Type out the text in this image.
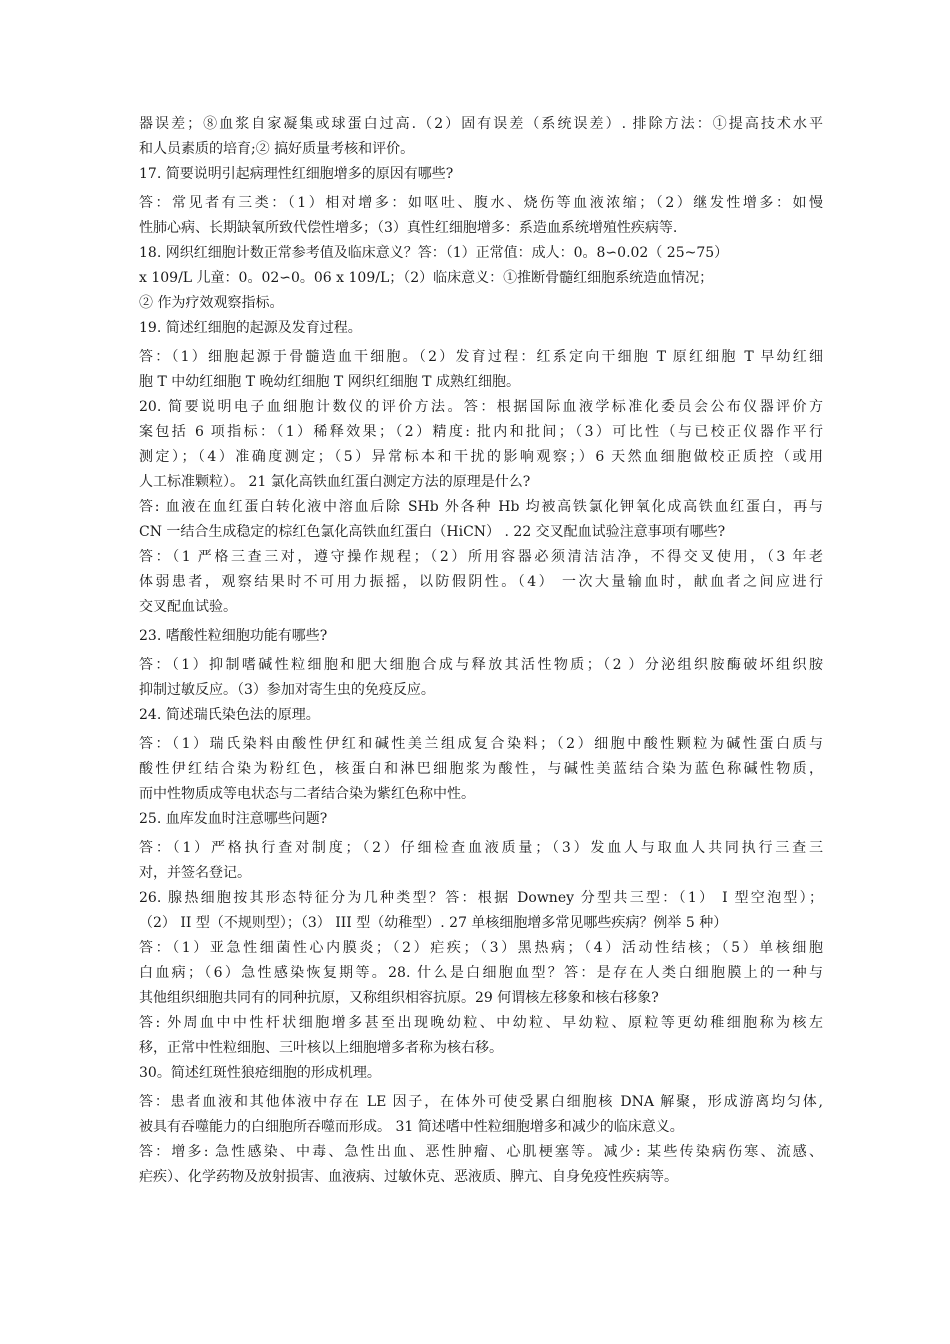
器误差；⑧血浆自家凝集或球蛋白过高.（2）固有误差（系统误差）. 排除方法：①提高技术水平
和人员素质的培育;② 搞好质量考核和评价。
17. 简要说明引起病理性红细胞增多的原因有哪些?
答：常见者有三类：（1）相对增多：如呕吐、腹水、烧伤等血液浓缩；（2）继发性增多：如慢
性肺心病、长期缺氧所致代偿性增多；（3）真性红细胞增多：系造血系统增殖性疾病等.
18. 网织红细胞计数正常参考值及临床意义？答：（1）正常值：成人：0。8∽0.02（ 25~75）
x 109/L 儿童：0。02∽0。06 x 109/L；（2）临床意义：①推断骨髓红细胞系统造血情况；
② 作为疗效观察指标。
19. 简述红细胞的起源及发育过程。
答：（1）细胞起源于骨髓造血干细胞。（2）发育过程：红系定向干细胞 T 原红细胞 T 早幼红细
胞 T 中幼红细胞 T 晚幼红细胞 T 网织红细胞 T 成熟红细胞。
20. 简要说明电子血细胞计数仪的评价方法。答：根据国际血液学标准化委员会公布仪器评价方
案包括 6 项指标：（1）稀释效果；（2）精度: 批内和批间；（3）可比性（与已校正仪器作平行
测定）；（4）准确度测定；（5）异常标本和干扰的影响观察；）6 天然血细胞做校正质控（或用
人工标准颗粒）。 21 氯化高铁血红蛋白测定方法的原理是什么?
答: 血液在血红蛋白转化液中溶血后除 SHb 外各种 Hb 均被高铁氯化钾氧化成高铁血红蛋白，再与
CN 一结合生成稳定的棕红色氯化高铁血红蛋白（HiCN） . 22 交叉配血试验注意事项有哪些?
答：（1 严格三查三对，遵守操作规程；（2）所用容器必须清洁洁净，不得交叉使用，（3 年老
体弱患者，观察结果时不可用力振摇，以防假阴性。（4） 一次大量输血时，献血者之间应进行
交叉配血试验。
23. 嗜酸性粒细胞功能有哪些?
答：（1）抑制嗜碱性粒细胞和肥大细胞合成与释放其活性物质；（2 ）分泌组织胺酶破坏组织胺
抑制过敏反应。（3）参加对寄生虫的免疫反应。
24. 简述瑞氏染色法的原理。
答：（1）瑞氏染料由酸性伊红和碱性美兰组成复合染料；（2）细胞中酸性颗粒为碱性蛋白质与
酸性伊红结合染为粉红色，核蛋白和淋巴细胞浆为酸性，与碱性美蓝结合染为蓝色称碱性物质，
而中性物质成等电状态与二者结合染为紫红色称中性。
25. 血库发血时注意哪些问题?
答：（1）严格执行查对制度；（2）仔细检查血液质量；（3）发血人与取血人共同执行三查三
对，并签名登记。
26. 腺热细胞按其形态特征分为几种类型？答：根据 Downey 分型共三型：（1） I 型空泡型）；
（2） II 型（不规则型）；（3） III 型（幼稚型）. 27 单核细胞增多常见哪些疾病？例举 5 种）
答：（1）亚急性细菌性心内膜炎；（2）疟疾；（3）黑热病；（4）活动性结核；（5）单核细胞
白血病；（6）急性感染恢复期等。28. 什么是白细胞血型？答：是存在人类白细胞膜上的一种与
其他组织细胞共同有的同种抗原，又称组织相容抗原。29 何谓核左移象和核右移象?
答: 外周血中中性杆状细胞增多甚至出现晚幼粒、中幼粒、早幼粒、原粒等更幼稚细胞称为核左
移，正常中性粒细胞、三叶核以上细胞增多者称为核右移。
30。简述红斑性狼疮细胞的形成机理。
答：患者血液和其他体液中存在 LE 因子，在体外可使受累白细胞核 DNA 解聚，形成游离均匀体,
被具有吞噬能力的白细胞所吞噬而形成。 31 简述嗜中性粒细胞增多和减少的临床意义。
答：增多: 急性感染、中毒、急性出血、恶性肿瘤、心肌梗塞等。减少: 某些传染病伤寒、流感、
疟疾）、化学药物及放射损害、血液病、过敏休克、恶液质、脾亢、自身免疫性疾病等。
